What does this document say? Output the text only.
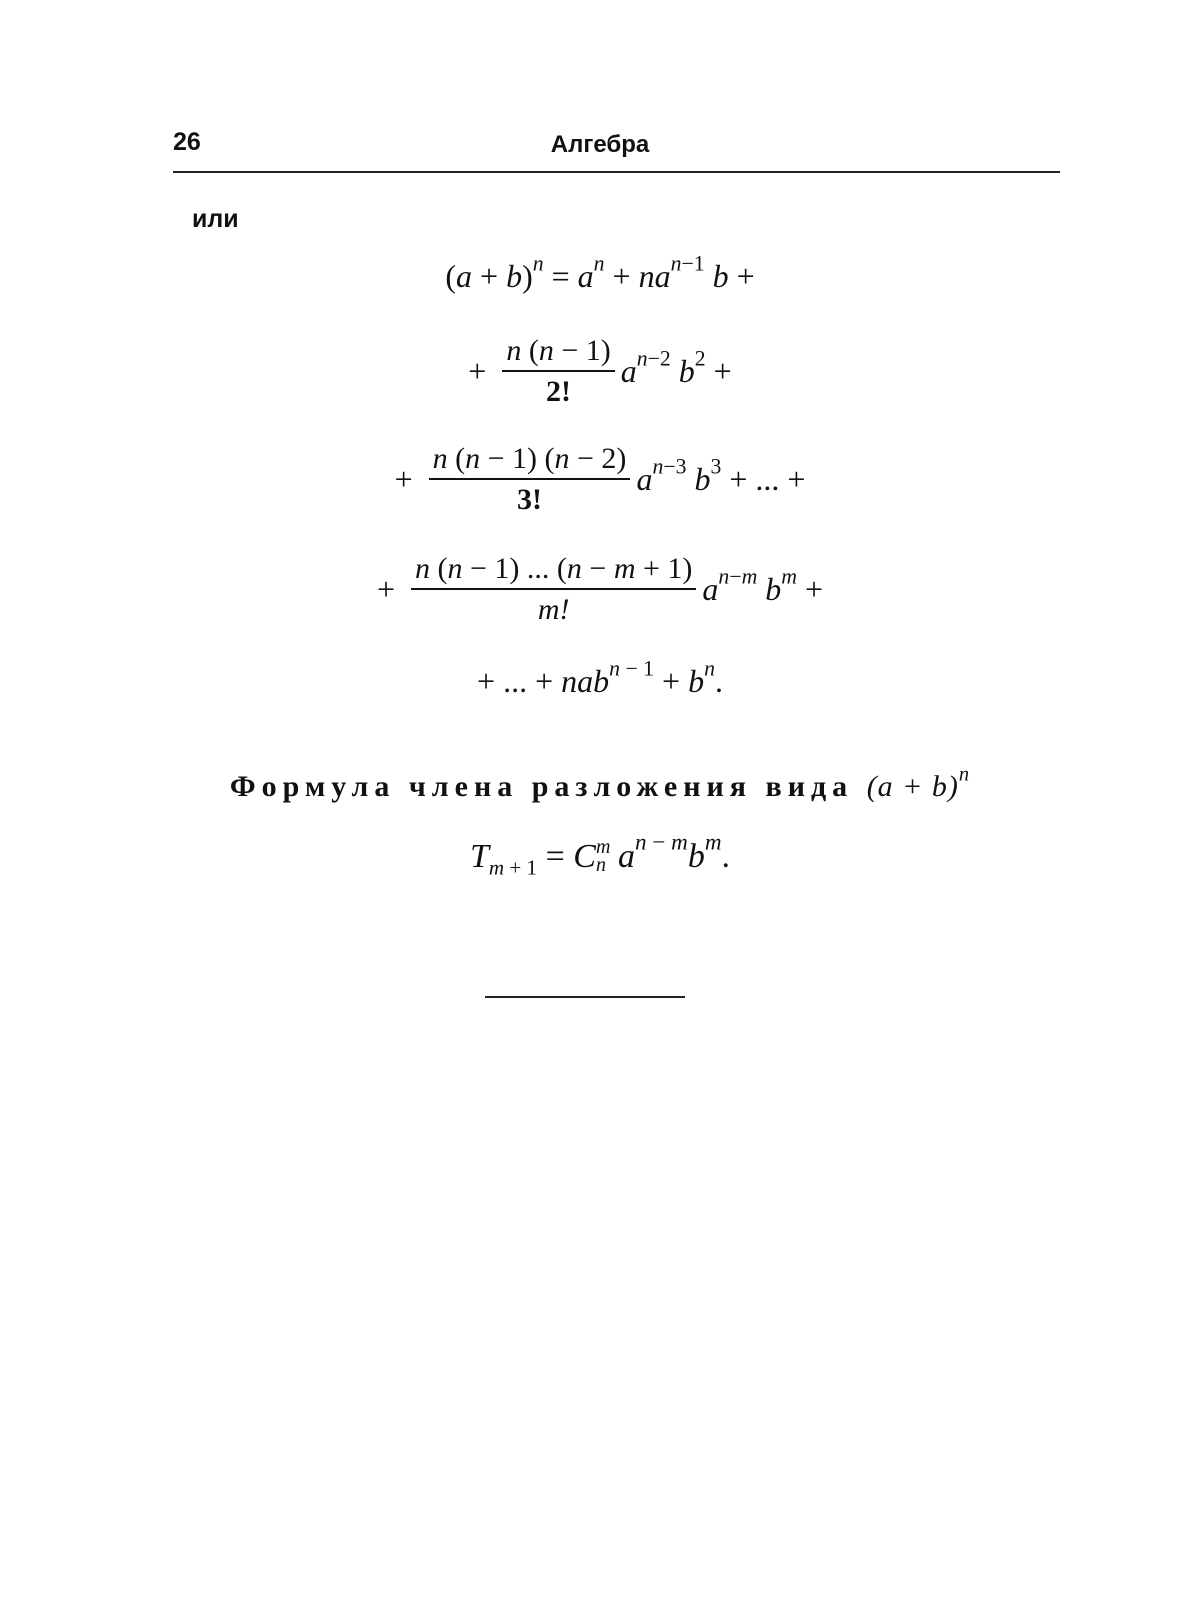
26	Алгебра
или
$(a + b)^n = a^n + na^{n-1}$ b +
+ $\frac{n (n - 1)}{2!} a^{n-2}$ $b^2$ +
+ $\frac{n (n - 1) (n - 2)}{3!} a^{n-3}$ $b^3$ + ... +
+ $\frac{n (n - 1) ... (n - m + 1)}{m!} a^{n-m}$ $b^m$ +
+ ... + $nab^{n - 1} + b^n$.
Формула члена разложения вида $(a + b)^n$
$T_{m + 1} = C$ m
n $a^{n - m}b^m$.
